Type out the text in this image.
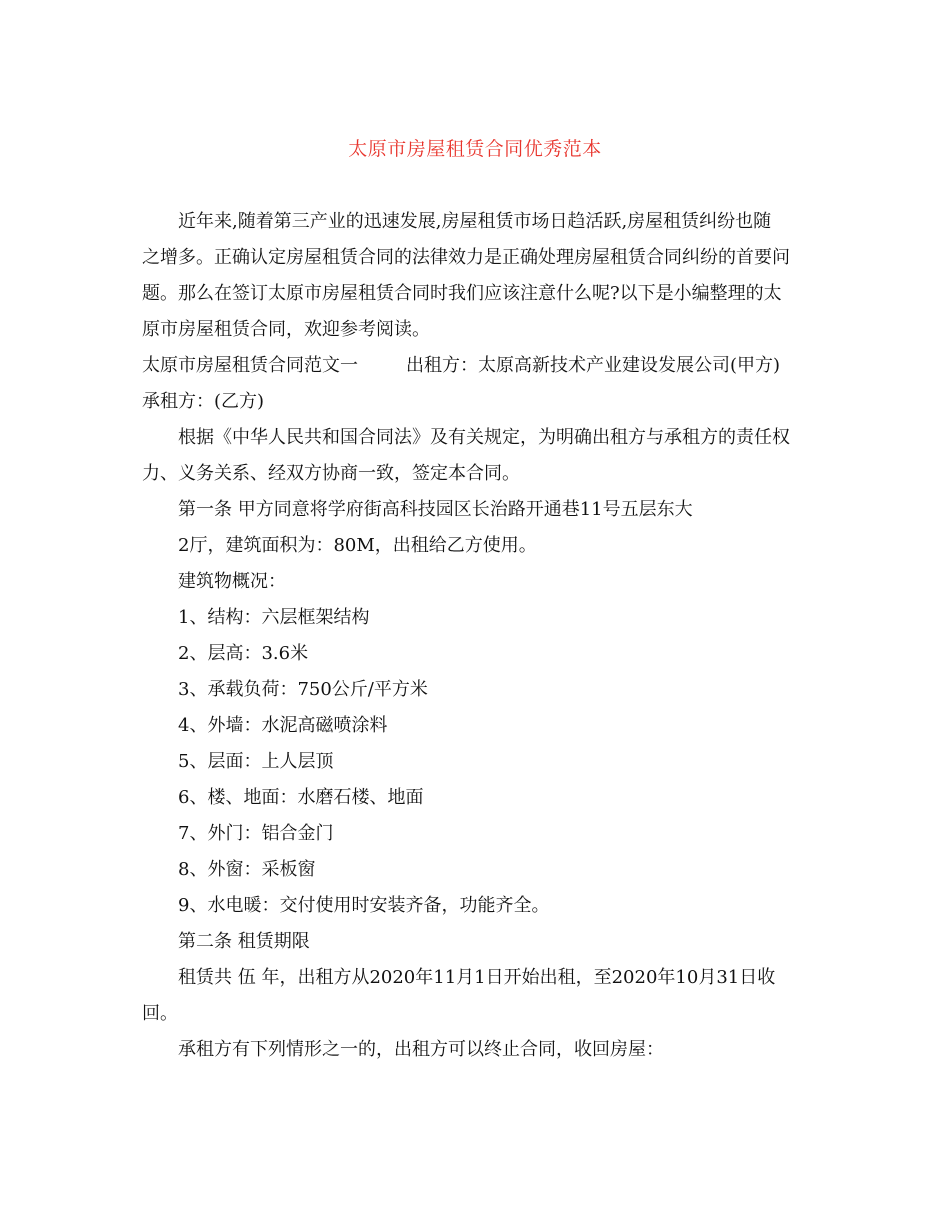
太原市房屋租赁合同优秀范本

近年来,随着第三产业的迅速发展,房屋租赁市场日趋活跃,房屋租赁纠纷也随

之增多。正确认定房屋租赁合同的法律效力是正确处理房屋租赁合同纠纷的首要问

题。那么在签订太原市房屋租赁合同时我们应该注意什么呢?以下是小编整理的太

原市房屋租赁合同，欢迎参考阅读。

太原市房屋租赁合同范文一	出租方：太原高新技术产业建设发展公司(甲方)

承租方：(乙方)

根据《中华人民共和国合同法》及有关规定，为明确出租方与承租方的责任权

力、义务关系、经双方协商一致，签定本合同。

第一条 甲方同意将学府街高科技园区长治路开通巷11号五层东大

2厅，建筑面积为：80M，出租给乙方使用。

建筑物概况：

1、结构：六层框架结构

2、层高：3.6米

3、承载负荷：750公斤/平方米

4、外墙：水泥高磁喷涂料

5、层面：上人层顶

6、楼、地面：水磨石楼、地面

7、外门：铝合金门

8、外窗：采板窗

9、水电暖：交付使用时安装齐备，功能齐全。

第二条 租赁期限

租赁共 伍 年，出租方从2020年11月1日开始出租，至2020年10月31日收

回。

承租方有下列情形之一的，出租方可以终止合同，收回房屋：
